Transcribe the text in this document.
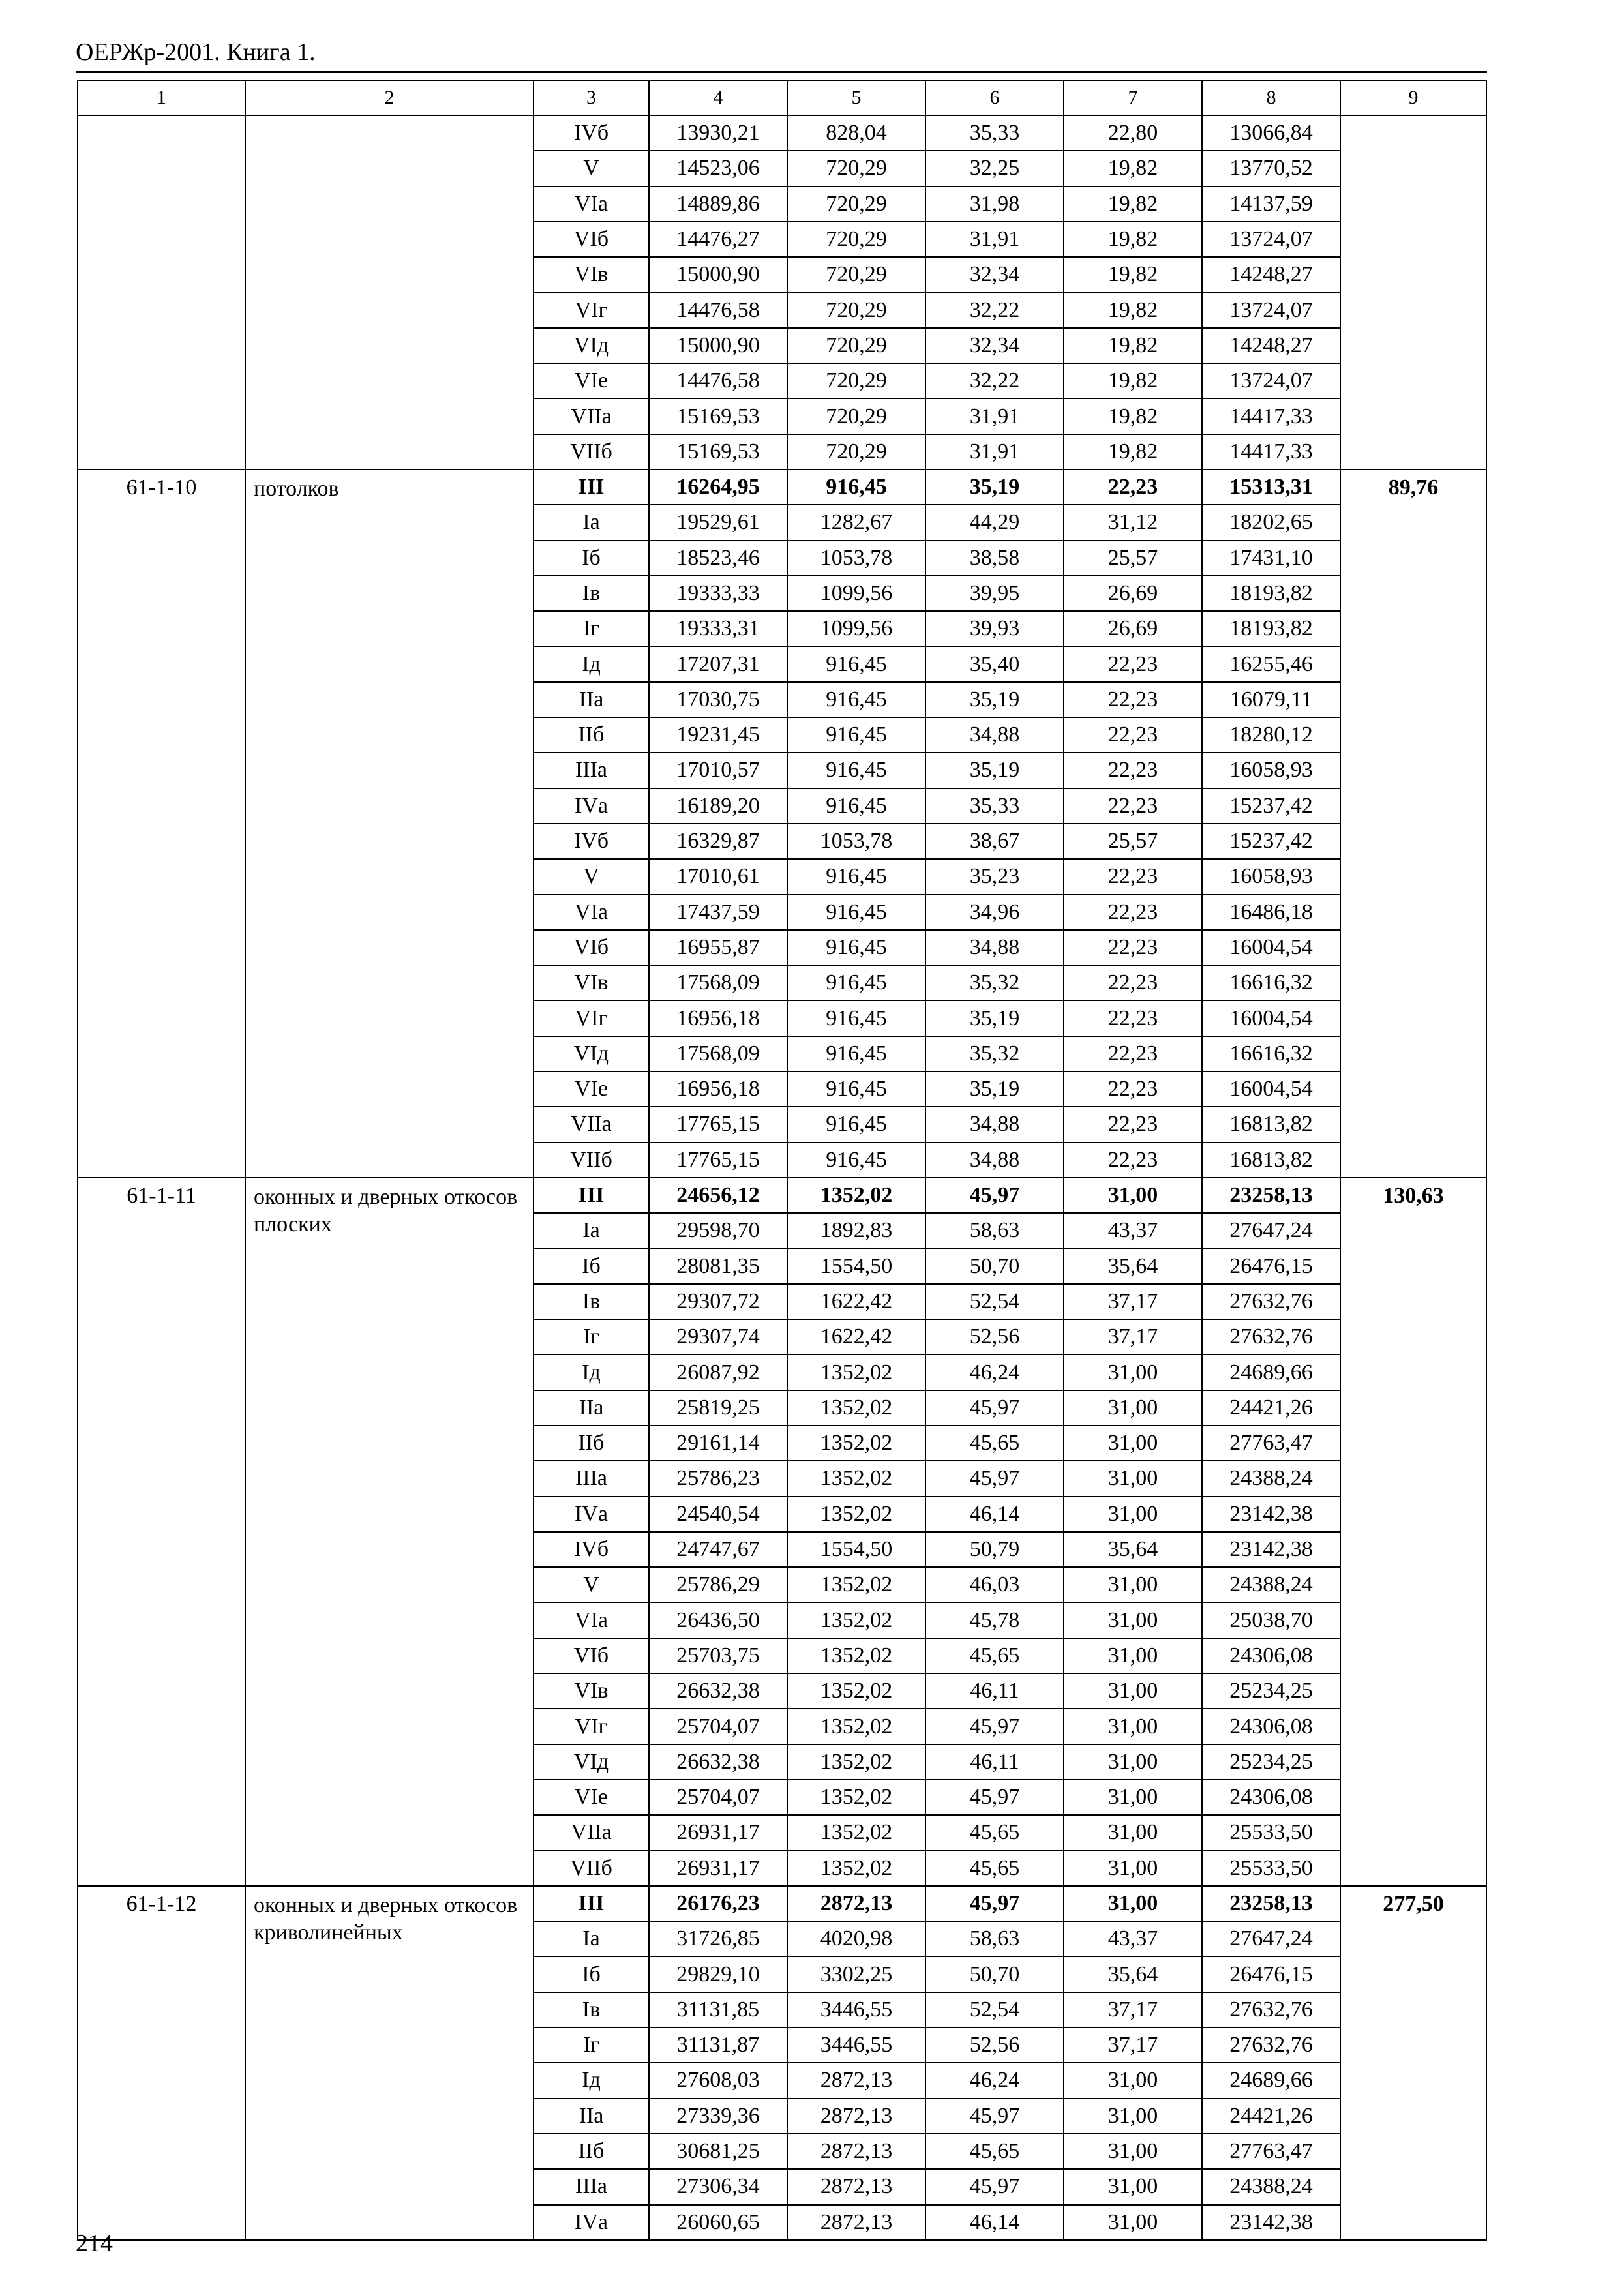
ОЕРЖр-2001. Книга 1.
1	2	3	4	5	6	7	8	9
		IVб	13930,21	828,04	35,33	22,80	13066,84	
		V	14523,06	720,29	32,25	19,82	13770,52	
		VIа	14889,86	720,29	31,98	19,82	14137,59	
		VIб	14476,27	720,29	31,91	19,82	13724,07	
		VIв	15000,90	720,29	32,34	19,82	14248,27	
		VIг	14476,58	720,29	32,22	19,82	13724,07	
		VIд	15000,90	720,29	32,34	19,82	14248,27	
		VIе	14476,58	720,29	32,22	19,82	13724,07	
		VIIа	15169,53	720,29	31,91	19,82	14417,33	
		VIIб	15169,53	720,29	31,91	19,82	14417,33	
61-1-10	потолков	III	16264,95	916,45	35,19	22,23	15313,31	89,76
		Iа	19529,61	1282,67	44,29	31,12	18202,65	
		Iб	18523,46	1053,78	38,58	25,57	17431,10	
		Iв	19333,33	1099,56	39,95	26,69	18193,82	
		Iг	19333,31	1099,56	39,93	26,69	18193,82	
		Iд	17207,31	916,45	35,40	22,23	16255,46	
		IIа	17030,75	916,45	35,19	22,23	16079,11	
		IIб	19231,45	916,45	34,88	22,23	18280,12	
		IIIа	17010,57	916,45	35,19	22,23	16058,93	
		IVа	16189,20	916,45	35,33	22,23	15237,42	
		IVб	16329,87	1053,78	38,67	25,57	15237,42	
		V	17010,61	916,45	35,23	22,23	16058,93	
		VIа	17437,59	916,45	34,96	22,23	16486,18	
		VIб	16955,87	916,45	34,88	22,23	16004,54	
		VIв	17568,09	916,45	35,32	22,23	16616,32	
		VIг	16956,18	916,45	35,19	22,23	16004,54	
		VIд	17568,09	916,45	35,32	22,23	16616,32	
		VIе	16956,18	916,45	35,19	22,23	16004,54	
		VIIа	17765,15	916,45	34,88	22,23	16813,82	
		VIIб	17765,15	916,45	34,88	22,23	16813,82	
61-1-11	оконных и дверных откосов плоских	III	24656,12	1352,02	45,97	31,00	23258,13	130,63
		Iа	29598,70	1892,83	58,63	43,37	27647,24	
		Iб	28081,35	1554,50	50,70	35,64	26476,15	
		Iв	29307,72	1622,42	52,54	37,17	27632,76	
		Iг	29307,74	1622,42	52,56	37,17	27632,76	
		Iд	26087,92	1352,02	46,24	31,00	24689,66	
		IIа	25819,25	1352,02	45,97	31,00	24421,26	
		IIб	29161,14	1352,02	45,65	31,00	27763,47	
		IIIа	25786,23	1352,02	45,97	31,00	24388,24	
		IVа	24540,54	1352,02	46,14	31,00	23142,38	
		IVб	24747,67	1554,50	50,79	35,64	23142,38	
		V	25786,29	1352,02	46,03	31,00	24388,24	
		VIа	26436,50	1352,02	45,78	31,00	25038,70	
		VIб	25703,75	1352,02	45,65	31,00	24306,08	
		VIв	26632,38	1352,02	46,11	31,00	25234,25	
		VIг	25704,07	1352,02	45,97	31,00	24306,08	
		VIд	26632,38	1352,02	46,11	31,00	25234,25	
		VIе	25704,07	1352,02	45,97	31,00	24306,08	
		VIIа	26931,17	1352,02	45,65	31,00	25533,50	
		VIIб	26931,17	1352,02	45,65	31,00	25533,50	
61-1-12	оконных и дверных откосов криволинейных	III	26176,23	2872,13	45,97	31,00	23258,13	277,50
		Iа	31726,85	4020,98	58,63	43,37	27647,24	
		Iб	29829,10	3302,25	50,70	35,64	26476,15	
		Iв	31131,85	3446,55	52,54	37,17	27632,76	
		Iг	31131,87	3446,55	52,56	37,17	27632,76	
		Iд	27608,03	2872,13	46,24	31,00	24689,66	
		IIа	27339,36	2872,13	45,97	31,00	24421,26	
		IIб	30681,25	2872,13	45,65	31,00	27763,47	
		IIIа	27306,34	2872,13	45,97	31,00	24388,24	
		IVа	26060,65	2872,13	46,14	31,00	23142,38	
214
